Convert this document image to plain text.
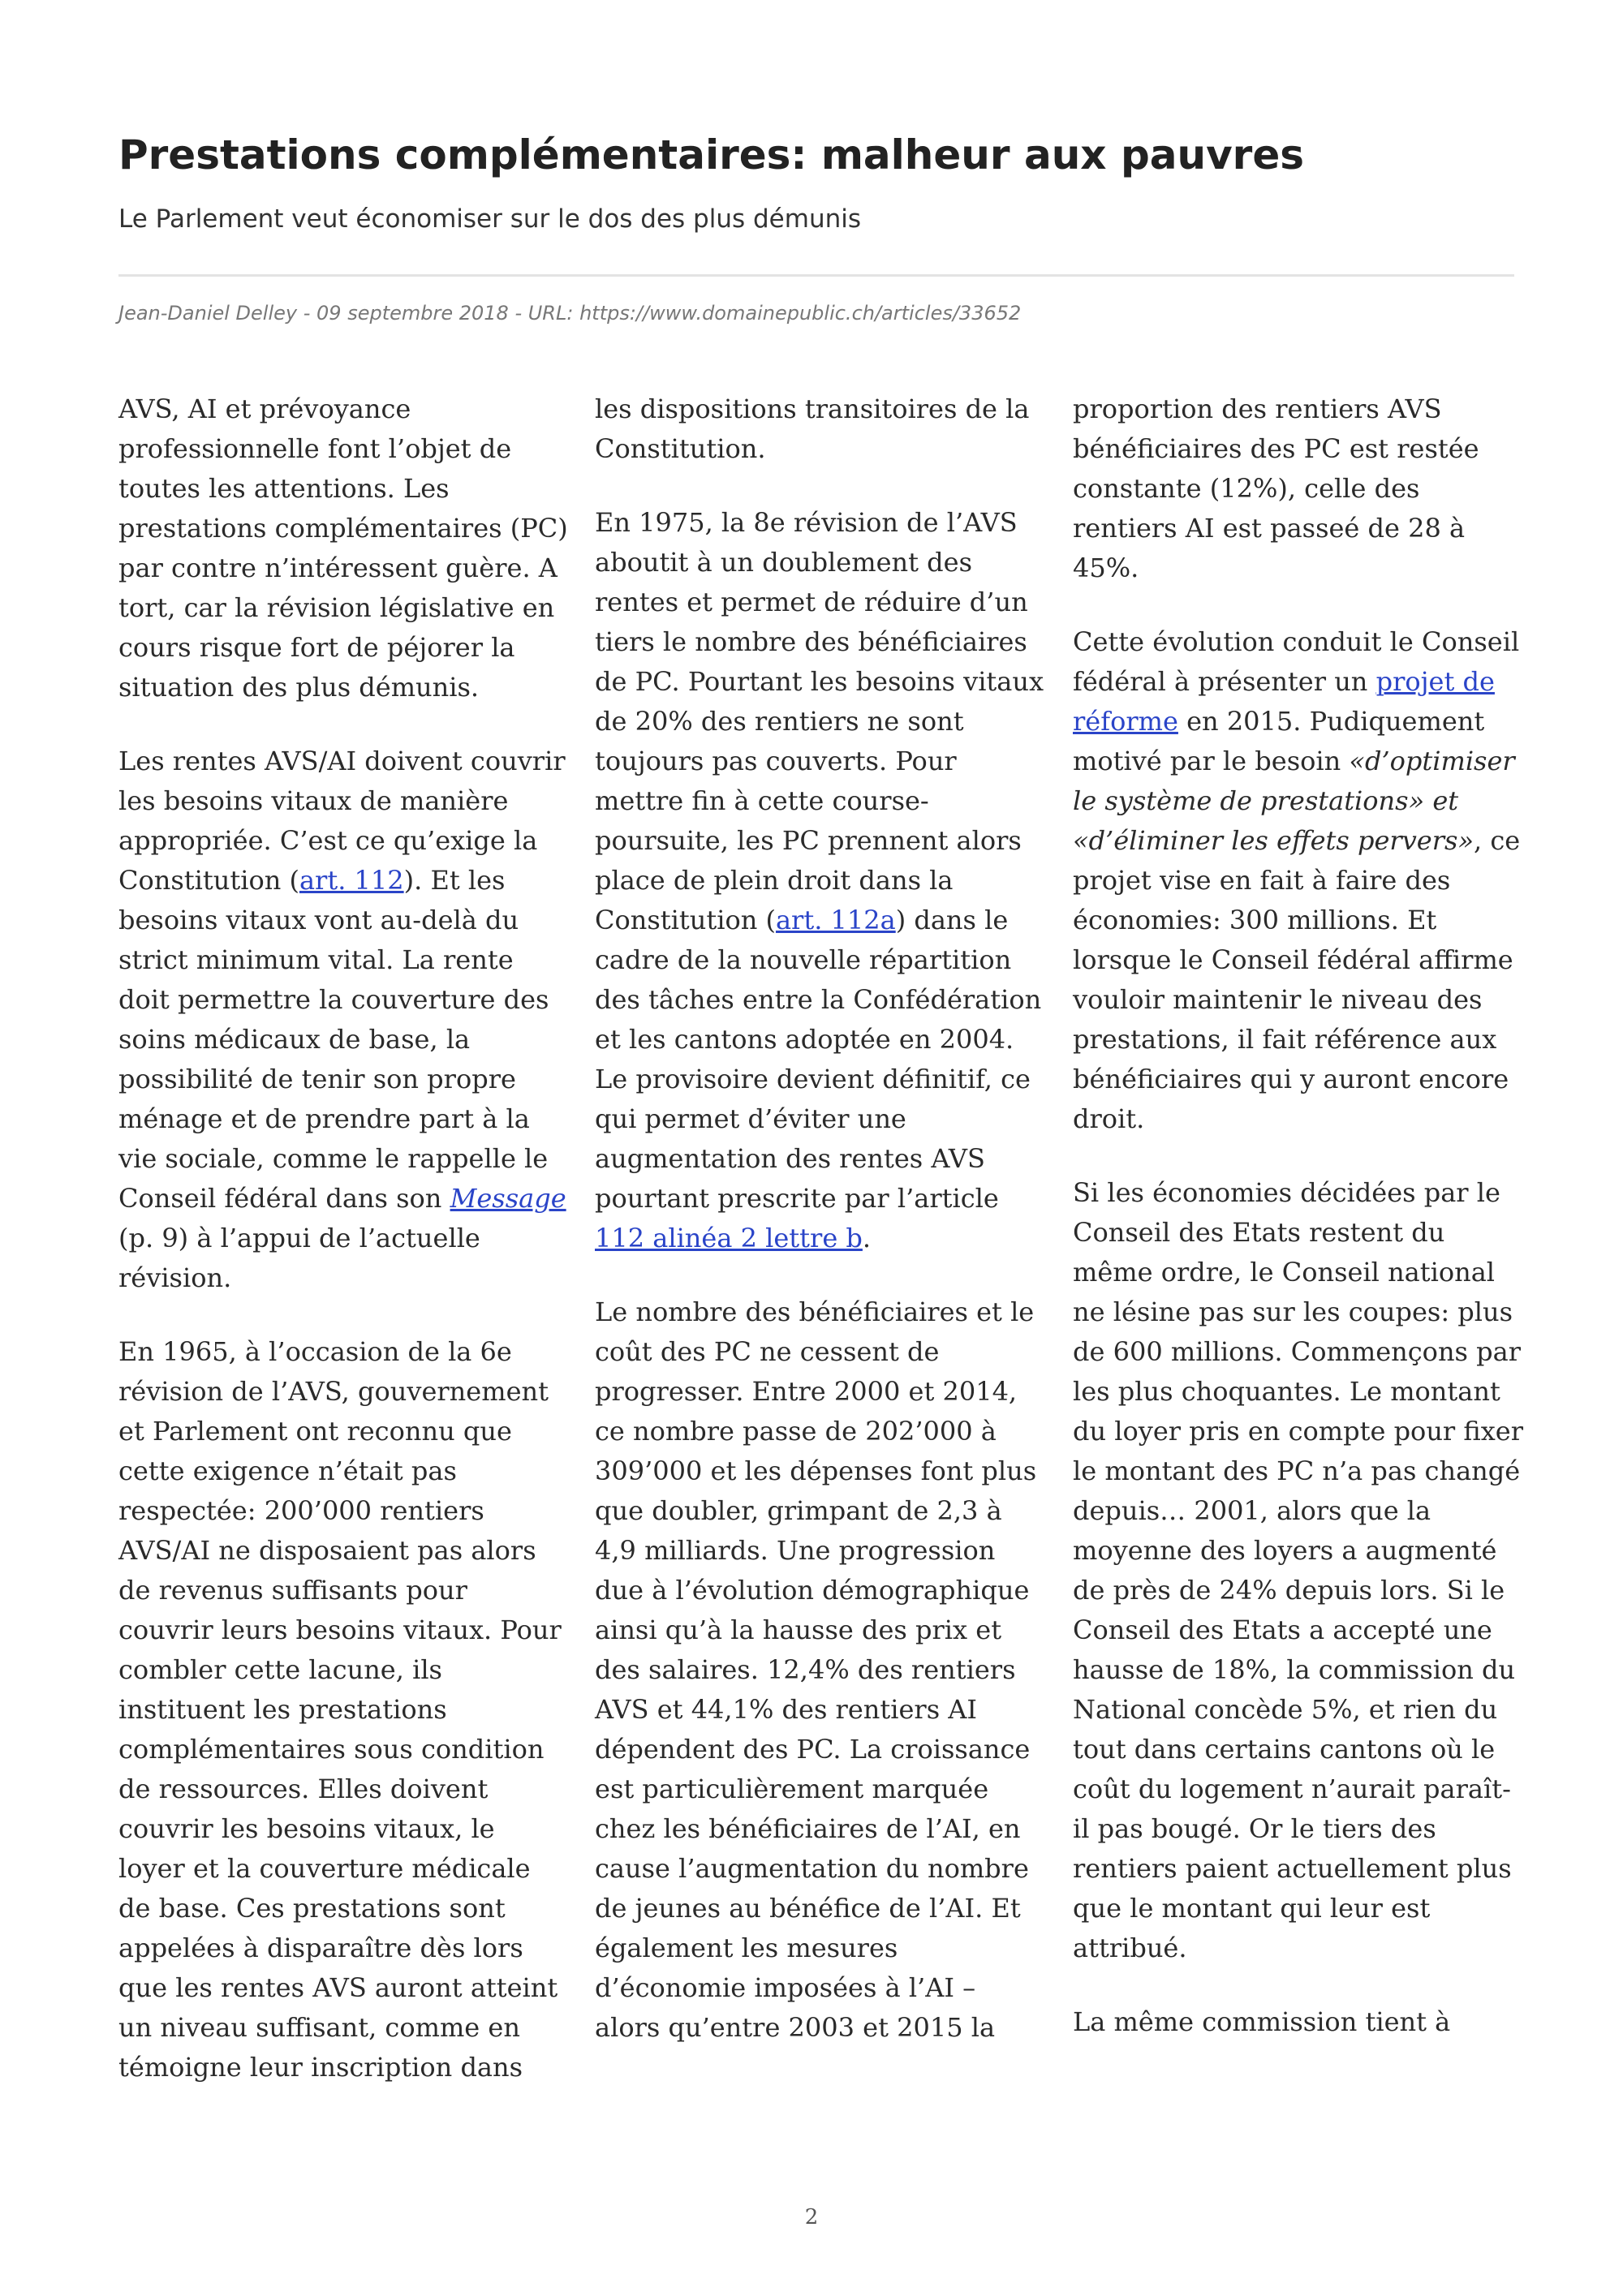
Prestations complémentaires: malheur aux pauvres

Le Parlement veut économiser sur le dos des plus démunis

Jean-Daniel Delley - 09 septembre 2018 - URL: https://www.domainepublic.ch/articles/33652

AVS, AI et prévoyance professionnelle font l’objet de toutes les attentions. Les prestations complémentaires (PC) par contre n’intéressent guère. A tort, car la révision législative en cours risque fort de péjorer la situation des plus démunis.

Les rentes AVS/AI doivent couvrir les besoins vitaux de manière appropriée. C’est ce qu’exige la Constitution (art. 112). Et les besoins vitaux vont au-delà du strict minimum vital. La rente doit permettre la couverture des soins médicaux de base, la possibilité de tenir son propre ménage et de prendre part à la vie sociale, comme le rappelle le Conseil fédéral dans son Message (p. 9) à l’appui de l’actuelle révision.

En 1965, à l’occasion de la 6e révision de l’AVS, gouvernement et Parlement ont reconnu que cette exigence n’était pas respectée: 200’000 rentiers AVS/AI ne disposaient pas alors de revenus suffisants pour couvrir leurs besoins vitaux. Pour combler cette lacune, ils instituent les prestations complémentaires sous condition de ressources. Elles doivent couvrir les besoins vitaux, le loyer et la couverture médicale de base. Ces prestations sont appelées à disparaître dès lors que les rentes AVS auront atteint un niveau suffisant, comme en témoigne leur inscription dans

les dispositions transitoires de la Constitution.

En 1975, la 8e révision de l’AVS aboutit à un doublement des rentes et permet de réduire d’un tiers le nombre des bénéficiaires de PC. Pourtant les besoins vitaux de 20% des rentiers ne sont toujours pas couverts. Pour mettre fin à cette course-poursuite, les PC prennent alors place de plein droit dans la Constitution (art. 112a) dans le cadre de la nouvelle répartition des tâches entre la Confédération et les cantons adoptée en 2004. Le provisoire devient définitif, ce qui permet d’éviter une augmentation des rentes AVS pourtant prescrite par l’article 112 alinéa 2 lettre b.

Le nombre des bénéficiaires et le coût des PC ne cessent de progresser. Entre 2000 et 2014, ce nombre passe de 202’000 à 309’000 et les dépenses font plus que doubler, grimpant de 2,3 à 4,9 milliards. Une progression due à l’évolution démographique ainsi qu’à la hausse des prix et des salaires. 12,4% des rentiers AVS et 44,1% des rentiers AI dépendent des PC. La croissance est particulièrement marquée chez les bénéficiaires de l’AI, en cause l’augmentation du nombre de jeunes au bénéfice de l’AI. Et également les mesures d’économie imposées à l’AI – alors qu’entre 2003 et 2015 la

proportion des rentiers AVS bénéficiaires des PC est restée constante (12%), celle des rentiers AI est passeé de 28 à 45%.

Cette évolution conduit le Conseil fédéral à présenter un projet de réforme en 2015. Pudiquement motivé par le besoin «d’optimiser le système de prestations» et «d’éliminer les effets pervers», ce projet vise en fait à faire des économies: 300 millions. Et lorsque le Conseil fédéral affirme vouloir maintenir le niveau des prestations, il fait référence aux bénéficiaires qui y auront encore droit.

Si les économies décidées par le Conseil des Etats restent du même ordre, le Conseil national ne lésine pas sur les coupes: plus de 600 millions. Commençons par les plus choquantes. Le montant du loyer pris en compte pour fixer le montant des PC n’a pas changé depuis… 2001, alors que la moyenne des loyers a augmenté de près de 24% depuis lors. Si le Conseil des Etats a accepté une hausse de 18%, la commission du National concède 5%, et rien du tout dans certains cantons où le coût du logement n’aurait paraît-il pas bougé. Or le tiers des rentiers paient actuellement plus que le montant qui leur est attribué.

La même commission tient à

2
